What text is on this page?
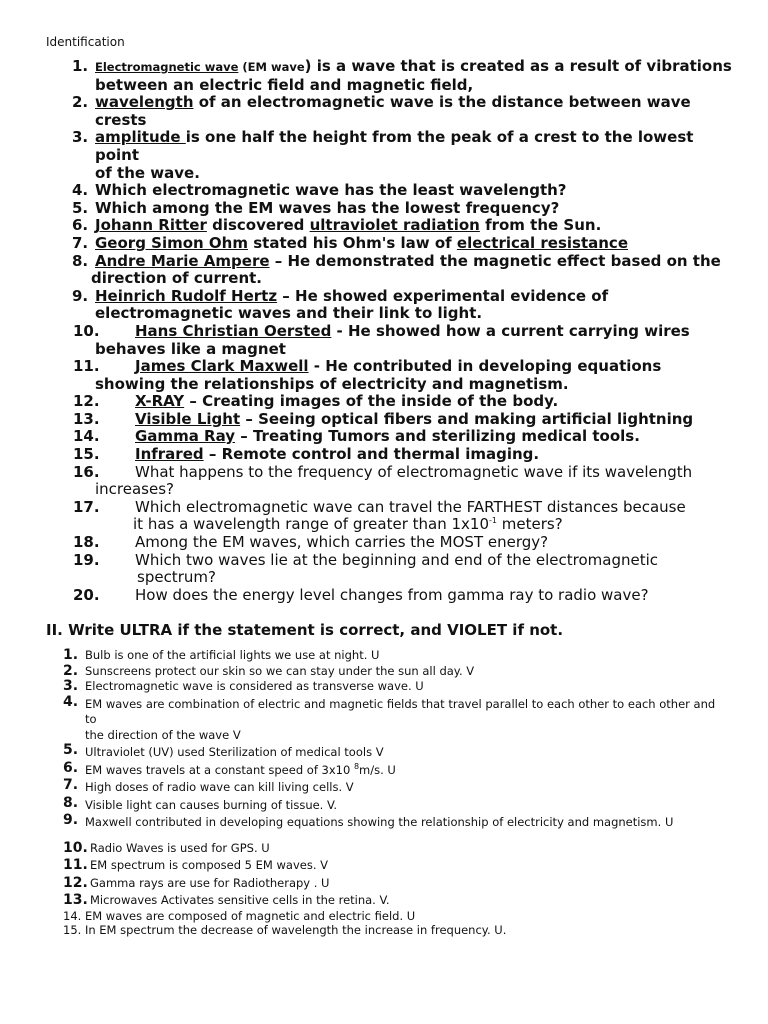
Identification

1. Electromagnetic wave (EM wave) is a wave that is created as a result of vibrations
between an electric field and magnetic field,

2. wavelength of an electromagnetic wave is the distance between wave
crests

3. amplitude is one half the height from the peak of a crest to the lowest point
of the wave.

4. Which electromagnetic wave has the least wavelength?

5. Which among the EM waves has the lowest frequency?

6. Johann Ritter discovered ultraviolet radiation from the Sun.

7. Georg Simon Ohm stated his Ohm's law of electrical resistance

8. Andre Marie Ampere – He demonstrated the magnetic effect based on the
direction of current.

9. Heinrich Rudolf Hertz – He showed experimental evidence of
electromagnetic waves and their link to light.

10. Hans Christian Oersted - He showed how a current carrying wires
behaves like a magnet

11. James Clark Maxwell - He contributed in developing equations
showing the relationships of electricity and magnetism.

12. X-RAY – Creating images of the inside of the body.

13. Visible Light – Seeing optical fibers and making artificial lightning

14. Gamma Ray – Treating Tumors and sterilizing medical tools.

15. Infrared – Remote control and thermal imaging.

16. What happens to the frequency of electromagnetic wave if its wavelength
increases?

17. Which electromagnetic wave can travel the FARTHEST distances because
it has a wavelength range of greater than $1x10^{-1}$ meters?

18. Among the EM waves, which carries the MOST energy?

19. Which two waves lie at the beginning and end of the electromagnetic
spectrum?

20. How does the energy level changes from gamma ray to radio wave?

II. Write ULTRA if the statement is correct, and VIOLET if not.

1. Bulb is one of the artificial lights we use at night. U

2. Sunscreens protect our skin so we can stay under the sun all day. V

3. Electromagnetic wave is considered as transverse wave. U

4. EM waves are combination of electric and magnetic fields that travel parallel to each other to each other and to
the direction of the wave V

5. Ultraviolet (UV) used Sterilization of medical tools V

6. EM waves travels at a constant speed of 3x10 $^8$m/s. U

7. High doses of radio wave can kill living cells. V

8. Visible light can causes burning of tissue. V.

9. Maxwell contributed in developing equations showing the relationship of electricity and magnetism. U

10. Radio Waves is used for GPS. U

11. EM spectrum is composed 5 EM waves. V

12. Gamma rays are use for Radiotherapy . U

13. Microwaves Activates sensitive cells in the retina. V.

14. EM waves are composed of magnetic and electric field. U

15. In EM spectrum the decrease of wavelength the increase in frequency. U.
